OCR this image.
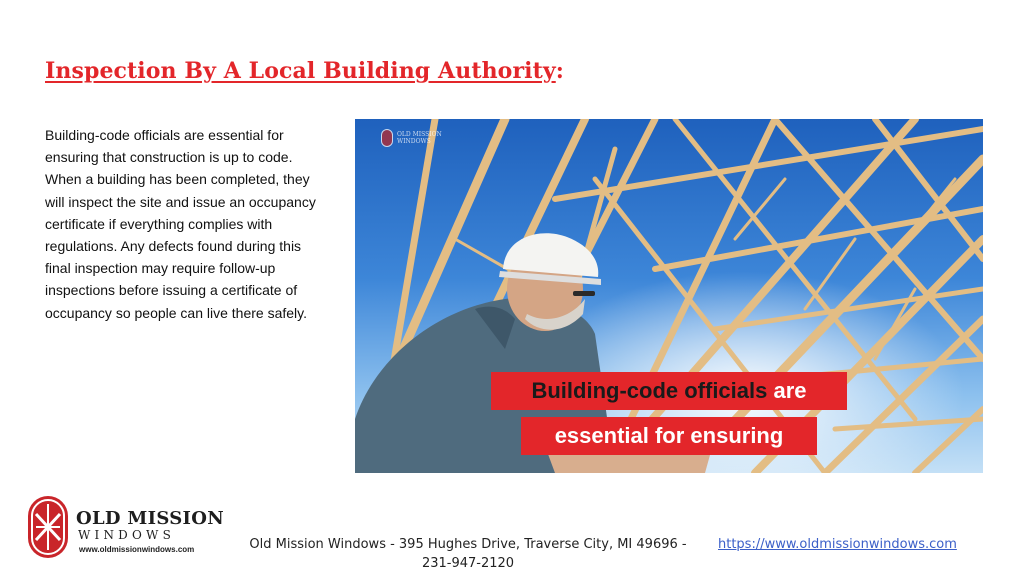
Inspection By A Local Building Authority:

Building-code officials are essential for ensuring that construction is up to code. When a building has been completed, they will inspect the site and issue an occupancy certificate if everything complies with regulations. Any defects found during this final inspection may require follow-up inspections before issuing a certificate of occupancy so people can live there safely.

OLD MISSION
WINDOWS
Building-code officials are
essential for ensuring
OLD MISSION
WINDOWS
www.oldmissionwindows.com	Old Mission Windows - 395 Hughes Drive, Traverse City, MI 49696 - 231-947-2120
https://www.oldmissionwindows.com
